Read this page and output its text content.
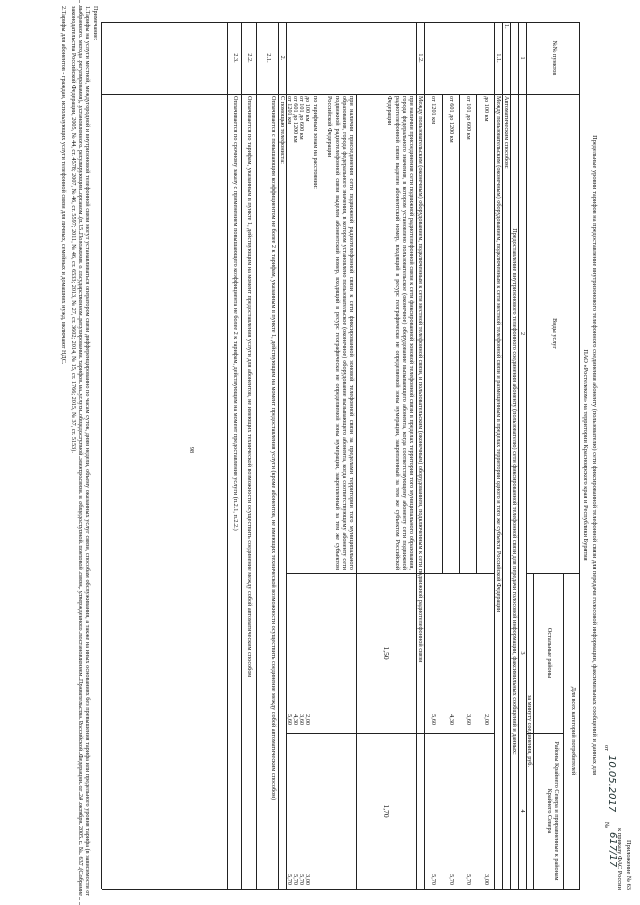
Приложение № 63
к приказу ФАС России
от
10.05.2017
№
617/17
Предельные уровни тарифов на предоставление внутризонового телефонного соединения абоненту (пользователю) сети фиксированной телефонной связи для передачи голосовой информации, факсимильных сообщений и данных для
ПАО «Ростелеком» на территории Красноярского края и Республики Бурятия
№№ пунктов
Виды услуг
Для всех категорий потребителей
Остальные районы
Районы Крайнего Севера и приравненные к районам Крайнего Севера
за минуту соединения, руб.
1
2
3
4
Предоставление внутризонового телефонного соединения абоненту (пользователю) сети фиксированной телефонной связи для передачи голосовой информации, факсимильных сообщений и данных:
1.
Автоматическим способом:
1.1.
Между пользовательским (оконечным) оборудованием, подключенным к сети местной телефонной связи и размещенным в пределах территории одного и того же субъекта Российской Федерации
до 100 км
2,00
3,00
от 101 до 600 км
3,60
5,70
от 601 до 1200 км
4,30
5,70
от 1201 км
5,60
5,70
1.2.
Между пользовательским (оконечным) оборудованием, подключенным к сети местной телефонной связи, и пользовательским (оконечным) оборудованием, подключенным к сети подвижной радиотелефонной связи
при наличии присоединения сети подвижной радиотелефонной связи к сети фиксированной зоновой телефонной связи в пределах территории того муниципального образования, города федерального значения, в котором установлено пользовательское (оконечное) оборудование вызывающего абонента, когда соответствующему абоненту сети подвижной радиотелефонной связи выделен абонентский номер, входящий в ресурс географически не определяемой зоны нумерации, закрепленный за тем же субъектом Российской Федерации
1,50
1,70
при наличии присоединения сети подвижной радиотелефонной связи к сети фиксированной зоновой телефонной связи за пределами территории того муниципального образования, города федерального значения, в котором установлено пользовательское (оконечное) оборудование вызывающего абонента, когда соответствующему абоненту сети подвижной радиотелефонной связи выделен абонентский номер, входящий в ресурс географически не определяемой зоны нумерации, закрепленный за тем же субъектом Российской Федерации
по тарифным зонам на расстоянии:
до 100 км
2,00
3,00
от 101 до 600 км
3,60
5,70
от 601 до 1200 км
4,30
5,70
от 1201 км
5,60
5,70
2.
С помощью телефониста:
2.1.
Оплачивается с повышающим коэффициентом не более 2 к тарифам, указанным в пункте 1, действующим на момент предоставления услуги (кроме абонентов, не имеющих технической возможности осуществить соединение между собой автоматическим способом)
2.2.
Оплачивается по тарифам, указанным в пункте 1, действующим на момент предоставления услуги для абонентов, не имеющих технической возможности осуществить соединение между собой автоматическим способом
2.3.
Оплачивается по срочному заказу с применением повышающего коэффициента не более 2 к тарифам, действующим на момент предоставления услуги (п.2.1, п.2.2.)
98
Примечание:
1.Тарифы на услуги местной, междугородной и внутризоновой телефонной связи могут устанавливаться оператором связи дифференцированно по часам суток, дням недели, объему оказанных услуг связи, способам обслуживания, а также на иных основаниях без превышения тарифа или предельного уровня тарифа (в зависимости от выбранного метода регулирования), установленного регулирующим органом (п.15 Положения о государственном регулировании тарифов на услуги общедоступной электросвязи и общедоступной почтовой связи, утвержденного постановлением Правительства Российской Федерации от 24 октября 2005 г. № 637 (Собрание законодательства Российской Федерации, 2005, № 44, ст. 4578; 2007, № 46, ст. 5597; 2011, № 46, ст. 6533; 2013, № 27, ст. 3602; 2014, № 15, ст. 1766; 2015, № 37, ст. 5153).
2.Тарифы для абонентов - граждан, использующих услуги телефонной связи для личных, семейных и домашних нужд, включают НДС.
